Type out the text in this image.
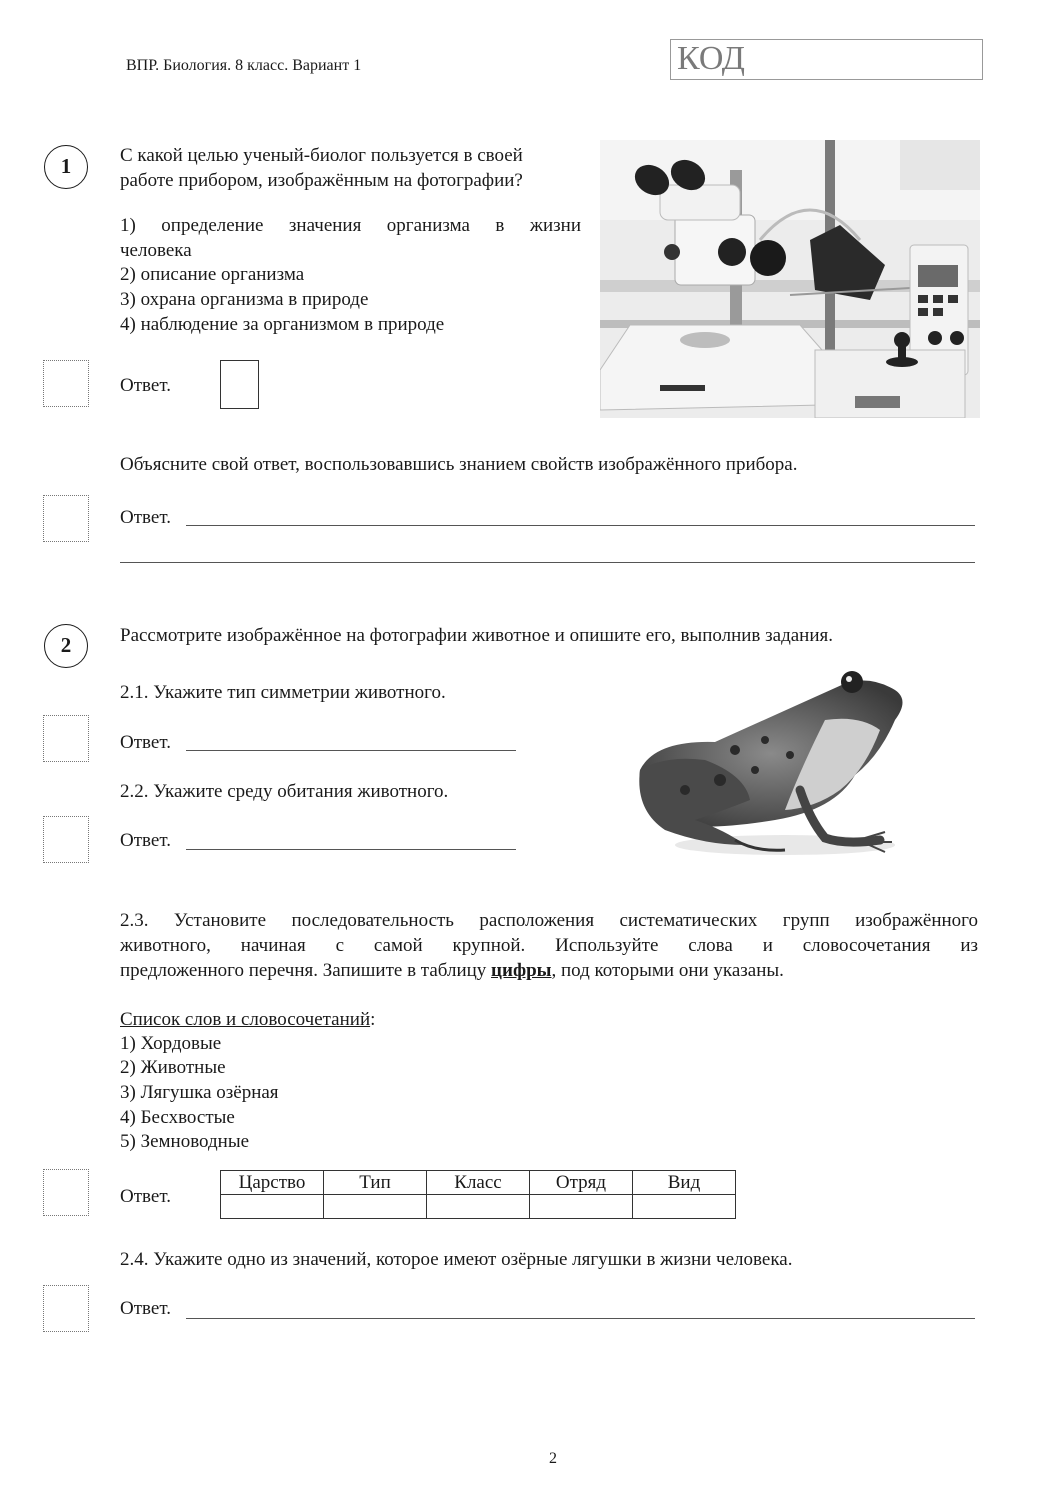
ВПР. Биология. 8 класс. Вариант 1	КОД
1	С какой целью ученый-биолог пользуется в своей
работе прибором, изображённым на фотографии?
1) определение значения организма в жизни
человека
2) описание организма
3) охрана организма в природе
4) наблюдение за организмом в природе
Ответ.
Объясните свой ответ, воспользовавшись знанием свойств изображённого прибора.
Ответ.
2	Рассмотрите изображённое на фотографии животное и опишите его, выполнив задания.
2.1. Укажите тип симметрии животного.
Ответ.
2.2. Укажите среду обитания животного.
Ответ.
2.3. Установите последовательность расположения систематических групп изображённого
животного, начиная с самой крупной. Используйте слова и словосочетания из
предложенного перечня. Запишите в таблицу цифры, под которыми они указаны.
Список слов и словосочетаний:
1) Хордовые
2) Животные
3) Лягушка озёрная
4) Бесхвостые
5) Земноводные
Ответ.
Царство	Тип	Класс	Отряд	Вид

2.4. Укажите одно из значений, которое имеют озёрные лягушки в жизни человека.
Ответ.
2
